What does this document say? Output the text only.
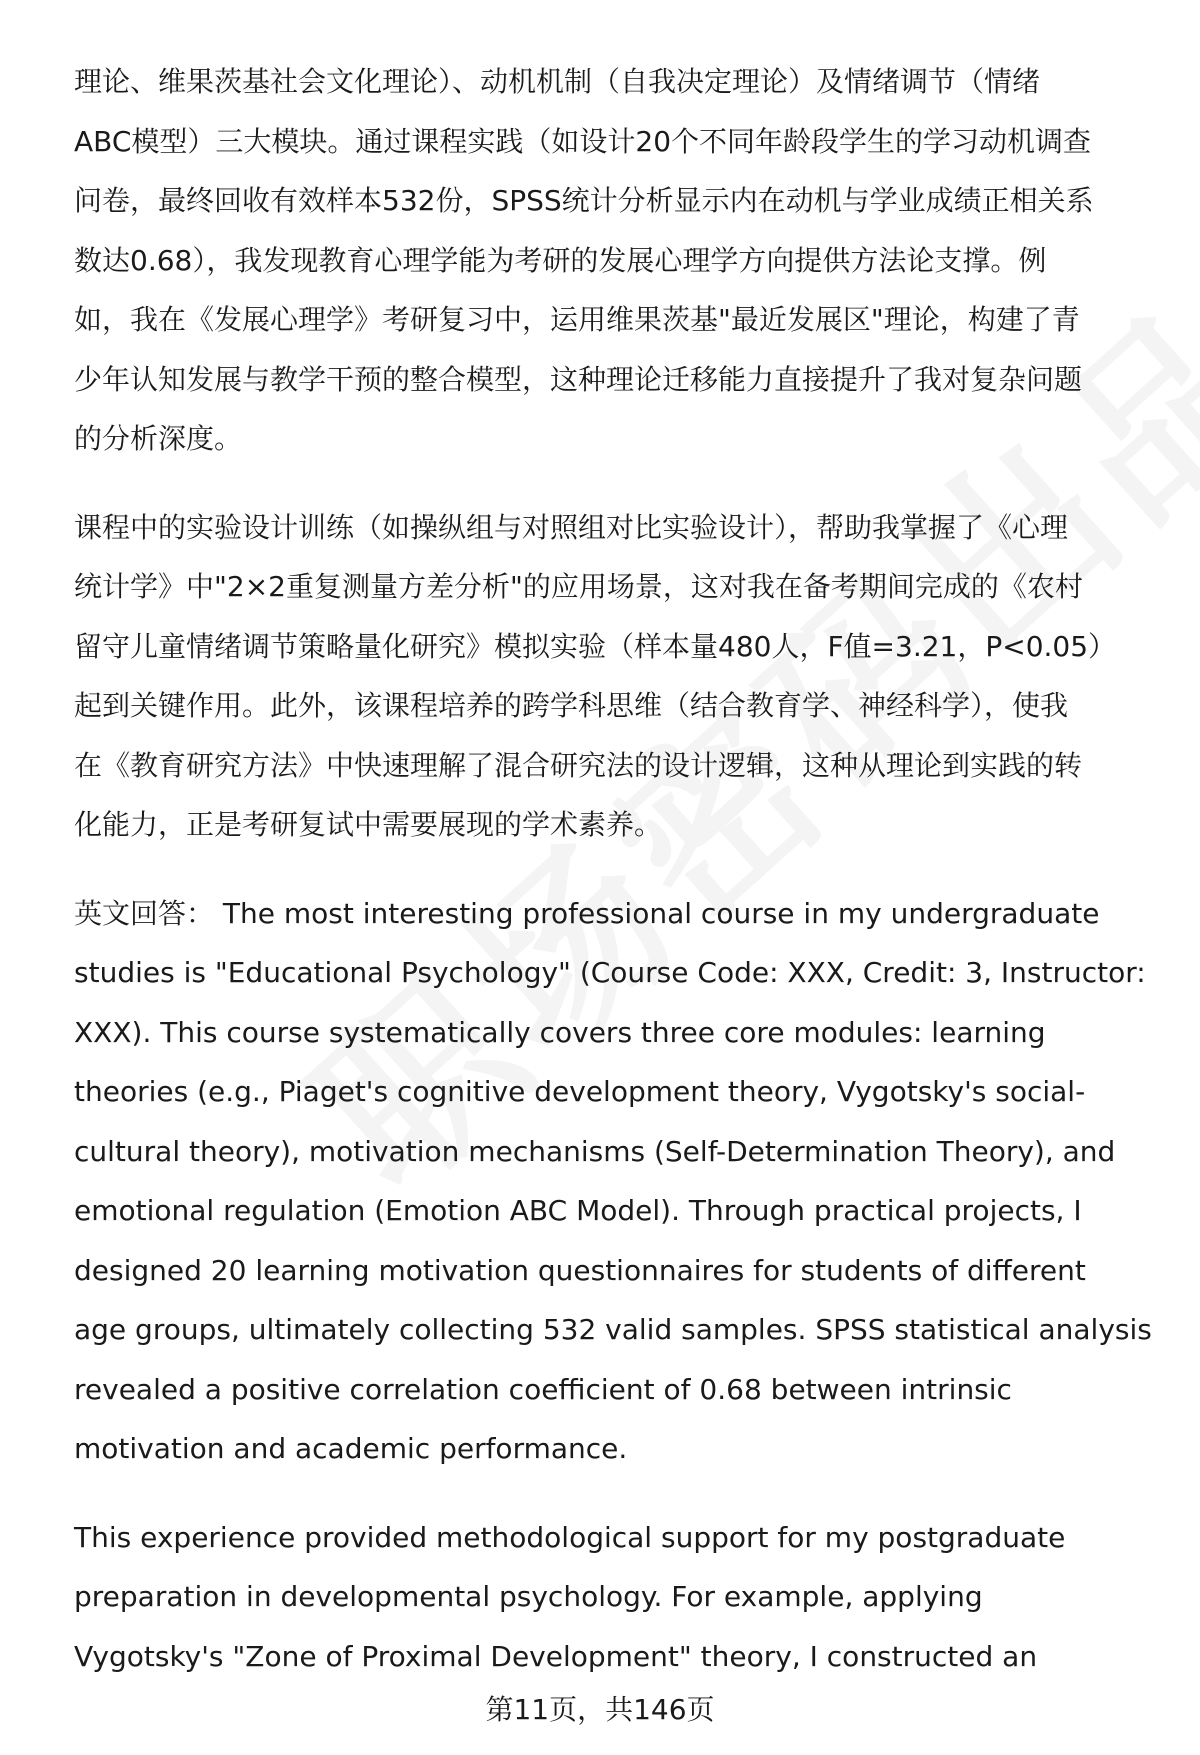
理论、维果茨基社会文化理论）、动机机制（自我决定理论）及情绪调节（情绪
ABC模型）三大模块。通过课程实践（如设计20个不同年龄段学生的学习动机调查
问卷，最终回收有效样本532份，SPSS统计分析显示内在动机与学业成绩正相关系
数达0.68），我发现教育心理学能为考研的发展心理学方向提供方法论支撑。例
如，我在《发展心理学》考研复习中，运用维果茨基"最近发展区"理论，构建了青
少年认知发展与教学干预的整合模型，这种理论迁移能力直接提升了我对复杂问题
的分析深度。

课程中的实验设计训练（如操纵组与对照组对比实验设计），帮助我掌握了《心理
统计学》中"2×2重复测量方差分析"的应用场景，这对我在备考期间完成的《农村
留守儿童情绪调节策略量化研究》模拟实验（样本量480人，F值=3.21，P<0.05）
起到关键作用。此外，该课程培养的跨学科思维（结合教育学、神经科学），使我
在《教育研究方法》中快速理解了混合研究法的设计逻辑，这种从理论到实践的转
化能力，正是考研复试中需要展现的学术素养。

英文回答： The most interesting professional course in my undergraduate
studies is "Educational Psychology" (Course Code: XXX, Credit: 3, Instructor:
XXX). This course systematically covers three core modules: learning
theories (e.g., Piaget's cognitive development theory, Vygotsky's social-
cultural theory), motivation mechanisms (Self-Determination Theory), and
emotional regulation (Emotion ABC Model). Through practical projects, I
designed 20 learning motivation questionnaires for students of different
age groups, ultimately collecting 532 valid samples. SPSS statistical analysis
revealed a positive correlation coefficient of 0.68 between intrinsic
motivation and academic performance.

This experience provided methodological support for my postgraduate
preparation in developmental psychology. For example, applying
Vygotsky's "Zone of Proximal Development" theory, I constructed an

第11页，共146页
